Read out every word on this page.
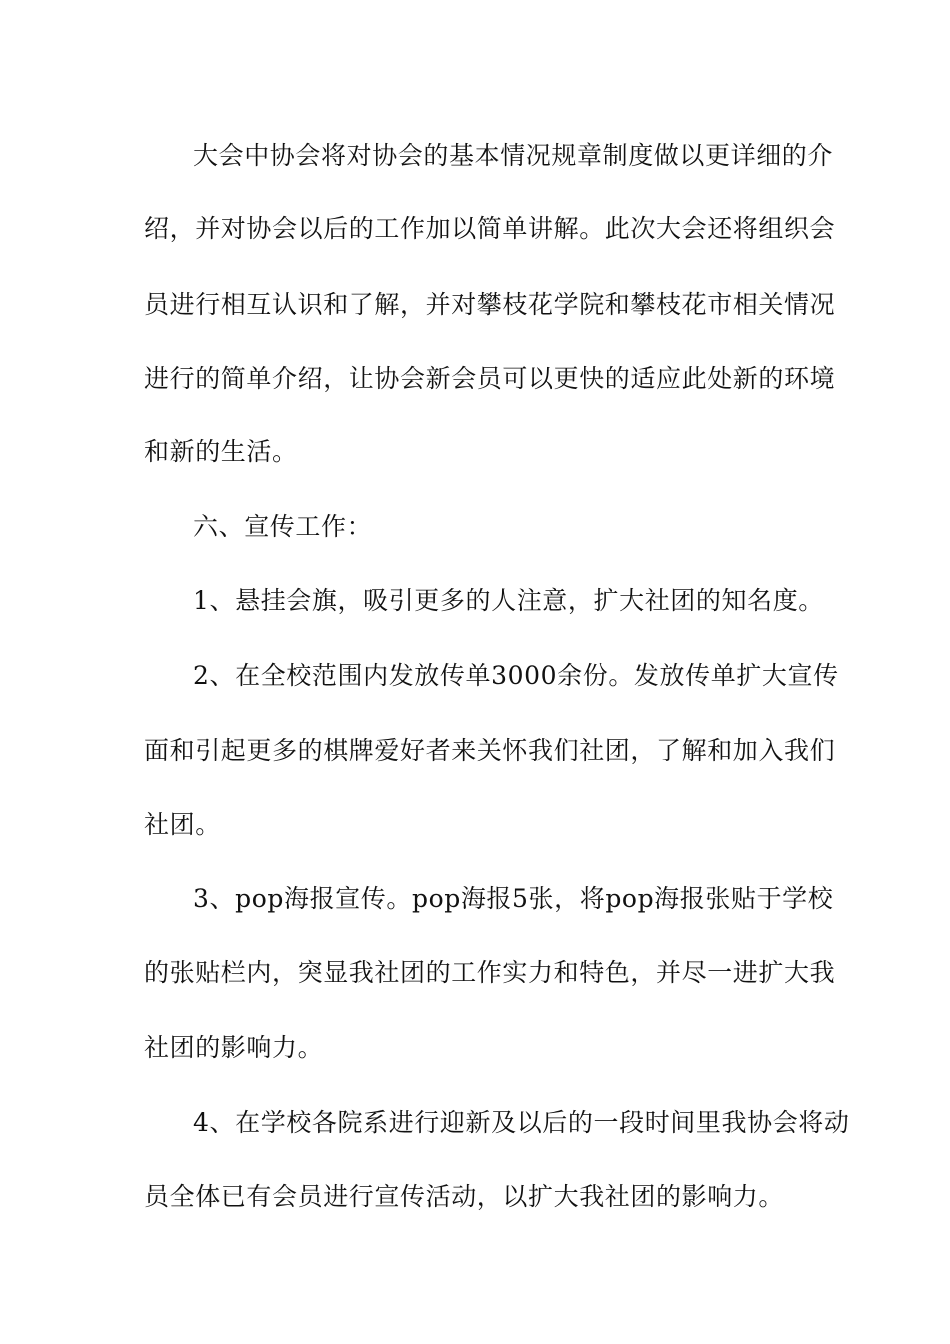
大会中协会将对协会的基本情况规章制度做以更详细的介
绍，并对协会以后的工作加以简单讲解。此次大会还将组织会
员进行相互认识和了解，并对攀枝花学院和攀枝花市相关情况
进行的简单介绍，让协会新会员可以更快的适应此处新的环境
和新的生活。
六、宣传工作：
1、悬挂会旗，吸引更多的人注意，扩大社团的知名度。
2、在全校范围内发放传单3000余份。发放传单扩大宣传
面和引起更多的棋牌爱好者来关怀我们社团，了解和加入我们
社团。
3、pop海报宣传。pop海报5张，将pop海报张贴于学校
的张贴栏内，突显我社团的工作实力和特色，并尽一进扩大我
社团的影响力。
4、在学校各院系进行迎新及以后的一段时间里我协会将动
员全体已有会员进行宣传活动，以扩大我社团的影响力。
